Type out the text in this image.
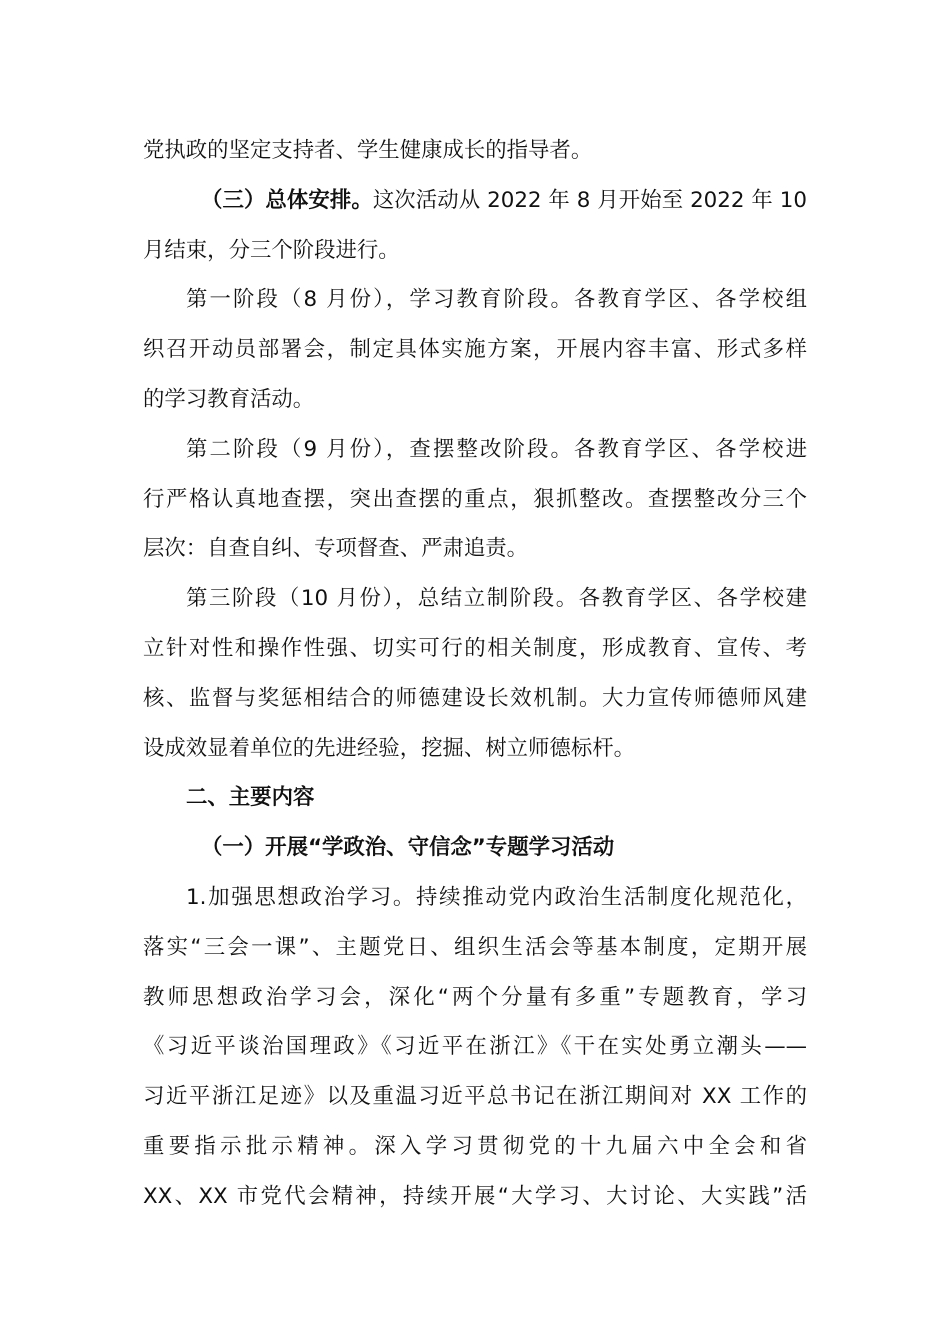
党执政的坚定支持者、学生健康成长的指导者。
（三）总体安排。这次活动从 2022 年 8 月开始至 2022 年 10
月结束，分三个阶段进行。
第一阶段（8 月份），学习教育阶段。各教育学区、各学校组
织召开动员部署会，制定具体实施方案，开展内容丰富、形式多样
的学习教育活动。
第二阶段（9 月份），查摆整改阶段。各教育学区、各学校进
行严格认真地查摆，突出查摆的重点，狠抓整改。查摆整改分三个
层次：自查自纠、专项督查、严肃追责。
第三阶段（10 月份），总结立制阶段。各教育学区、各学校建
立针对性和操作性强、切实可行的相关制度，形成教育、宣传、考
核、监督与奖惩相结合的师德建设长效机制。大力宣传师德师风建
设成效显着单位的先进经验，挖掘、树立师德标杆。
二、主要内容
（一）开展“学政治、守信念”专题学习活动
1.加强思想政治学习。持续推动党内政治生活制度化规范化，
落实“三会一课”、主题党日、组织生活会等基本制度，定期开展
教师思想政治学习会，深化“两个分量有多重”专题教育，学习
《习近平谈治国理政》《习近平在浙江》《干在实处勇立潮头——
习近平浙江足迹》以及重温习近平总书记在浙江期间对 XX 工作的
重要指示批示精神。深入学习贯彻党的十九届六中全会和省
XX、XX 市党代会精神，持续开展“大学习、大讨论、大实践”活
